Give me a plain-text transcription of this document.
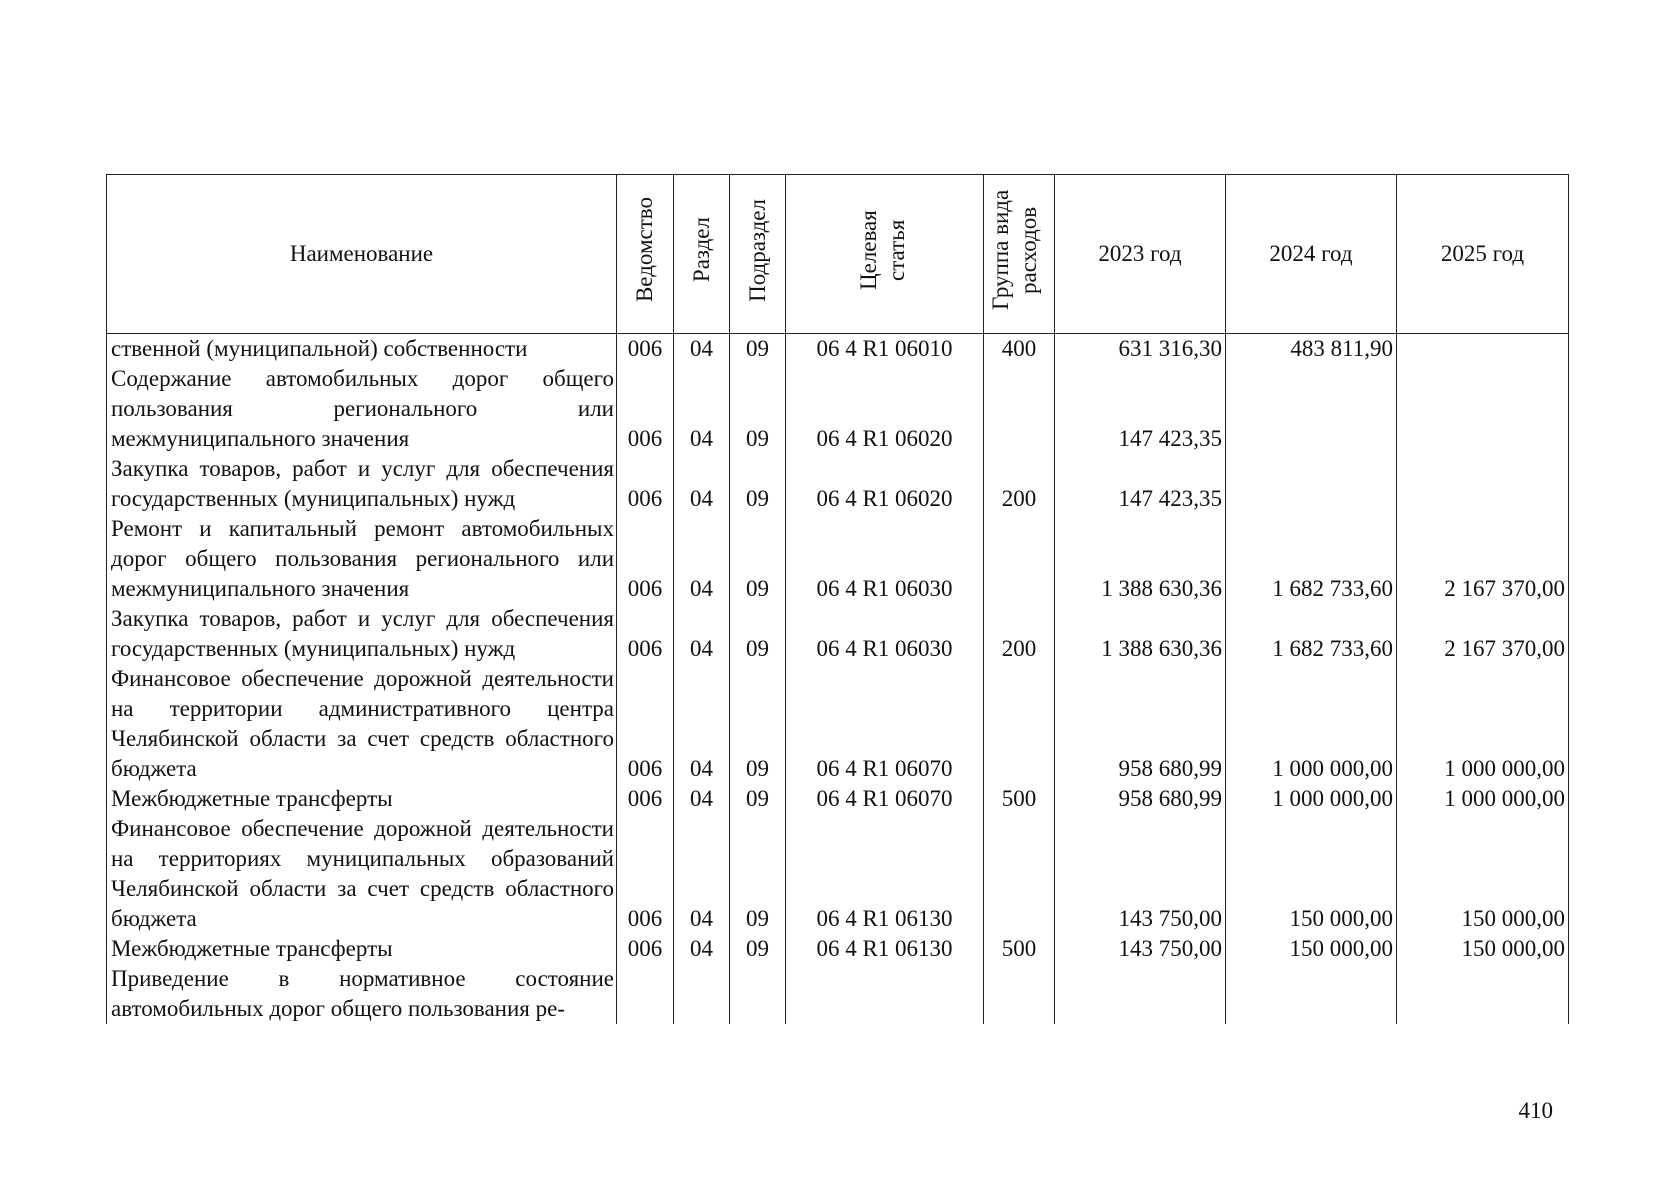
Наименование	Ведомство	Раздел	Подраздел	Целевая статья	Группа вида расходов	2023 год	2024 год	2025 год
ственной (муниципальной) собственности	006	04	09	06 4 R1 06010	400	631 316,30	483 811,90	
Содержание автомобильных дорог общего пользования регионального или межмуниципального значения	006	04	09	06 4 R1 06020		147 423,35		
Закупка товаров, работ и услуг для обеспечения государственных (муниципальных) нужд	006	04	09	06 4 R1 06020	200	147 423,35		
Ремонт и капитальный ремонт автомобильных дорог общего пользования регионального или межмуниципального значения	006	04	09	06 4 R1 06030		1 388 630,36	1 682 733,60	2 167 370,00
Закупка товаров, работ и услуг для обеспечения государственных (муниципальных) нужд	006	04	09	06 4 R1 06030	200	1 388 630,36	1 682 733,60	2 167 370,00
Финансовое обеспечение дорожной деятельности на территории административного центра Челябинской области за счет средств областного бюджета	006	04	09	06 4 R1 06070		958 680,99	1 000 000,00	1 000 000,00
Межбюджетные трансферты	006	04	09	06 4 R1 06070	500	958 680,99	1 000 000,00	1 000 000,00
Финансовое обеспечение дорожной деятельности на территориях муниципальных образований Челябинской области за счет средств областного бюджета	006	04	09	06 4 R1 06130		143 750,00	150 000,00	150 000,00
Межбюджетные трансферты	006	04	09	06 4 R1 06130	500	143 750,00	150 000,00	150 000,00
Приведение в нормативное состояние автомобильных дорог общего пользования ре-								
410
